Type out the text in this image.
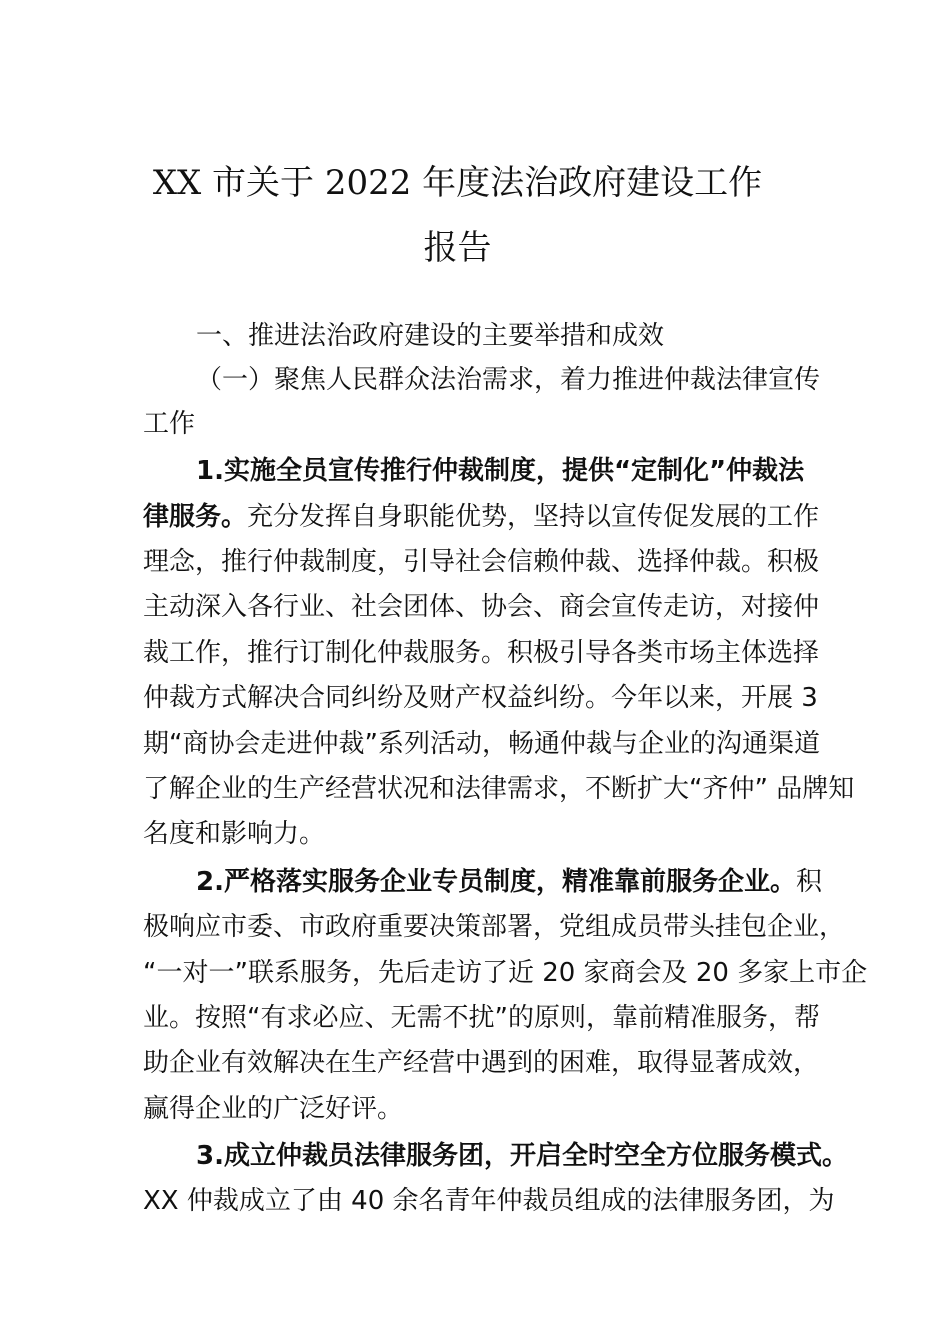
XX 市关于 2022 年度法治政府建设工作
报告
一、推进法治政府建设的主要举措和成效
（一）聚焦人民群众法治需求，着力推进仲裁法律宣传
工作
1.实施全员宣传推行仲裁制度，提供“定制化”仲裁法
律服务。充分发挥自身职能优势，坚持以宣传促发展的工作
理念，推行仲裁制度，引导社会信赖仲裁、选择仲裁。积极
主动深入各行业、社会团体、协会、商会宣传走访，对接仲
裁工作，推行订制化仲裁服务。积极引导各类市场主体选择
仲裁方式解决合同纠纷及财产权益纠纷。今年以来，开展 3
期“商协会走进仲裁”系列活动，畅通仲裁与企业的沟通渠道
了解企业的生产经营状况和法律需求，不断扩大“齐仲” 品牌知
名度和影响力。
2.严格落实服务企业专员制度，精准靠前服务企业。积
极响应市委、市政府重要决策部署，党组成员带头挂包企业，
“一对一”联系服务，先后走访了近 20 家商会及 20 多家上市企
业。按照“有求必应、无需不扰”的原则，靠前精准服务，帮
助企业有效解决在生产经营中遇到的困难，取得显著成效，
赢得企业的广泛好评。
3.成立仲裁员法律服务团，开启全时空全方位服务模式。
XX 仲裁成立了由 40 余名青年仲裁员组成的法律服务团，为
